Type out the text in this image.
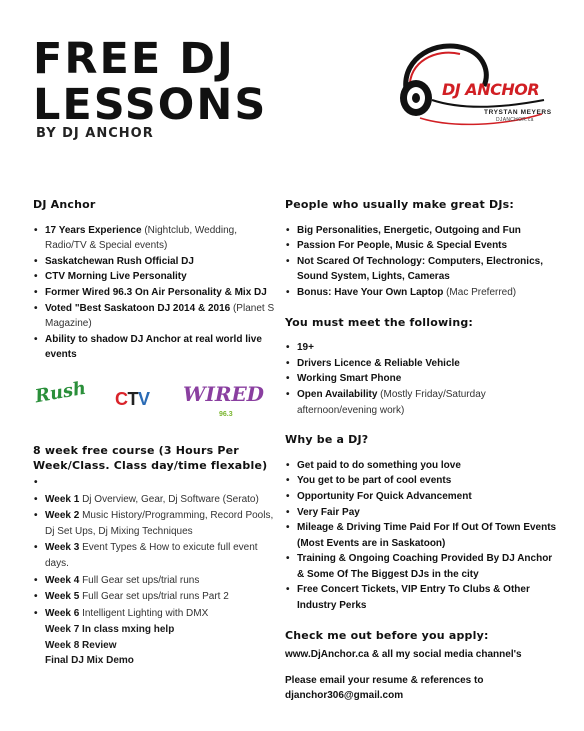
FREE DJ
LESSONS
BY DJ ANCHOR
DJ ANCHOR
TRYSTAN MEYERS
DJANCHOR.ca
DJ Anchor
• 17 Years Experience (Nightclub, Wedding, Radio/TV & Special events)
• Saskatchewan Rush Official DJ
• CTV Morning Live Personality
• Former Wired 96.3 On Air Personality & Mix DJ
• Voted "Best Saskatoon DJ 2014 & 2016 (Planet S Magazine)
• Ability to shadow DJ Anchor at real world live events
Rush CTV WIRED
96.3
8 week free course (3 Hours Per Week/Class. Class day/time flexable)
•
• Week 1 Dj Overview, Gear, Dj Software (Serato)
• Week 2 Music History/Programming, Record Pools, Dj Set Ups, Dj Mixing Techniques
• Week 3 Event Types & How to exicute full event days.
• Week 4 Full Gear set ups/trial runs
• Week 5 Full Gear set ups/trial runs Part 2
• Week 6 Intelligent Lighting with DMX
Week 7 In class mxing help
Week 8 Review
Final DJ Mix Demo
People who usually make great DJs:
• Big Personalities, Energetic, Outgoing and Fun
• Passion For People, Music & Special Events
• Not Scared Of Technology: Computers, Electronics, Sound System, Lights, Cameras
• Bonus: Have Your Own Laptop (Mac Preferred)
You must meet the following:
• 19+
• Drivers Licence & Reliable Vehicle
• Working Smart Phone
• Open Availability (Mostly Friday/Saturday afternoon/evening work)
Why be a DJ?
• Get paid to do something you love
• You get to be part of cool events
• Opportunity For Quick Advancement
• Very Fair Pay
• Mileage & Driving Time Paid For If Out Of Town Events (Most Events are in Saskatoon)
• Training & Ongoing Coaching Provided By DJ Anchor & Some Of The Biggest DJs in the city
• Free Concert Tickets, VIP Entry To Clubs & Other Industry Perks
Check me out before you apply:
www.DjAnchor.ca & all my social media channel's
Please email your resume & references to
djanchor306@gmail.com
